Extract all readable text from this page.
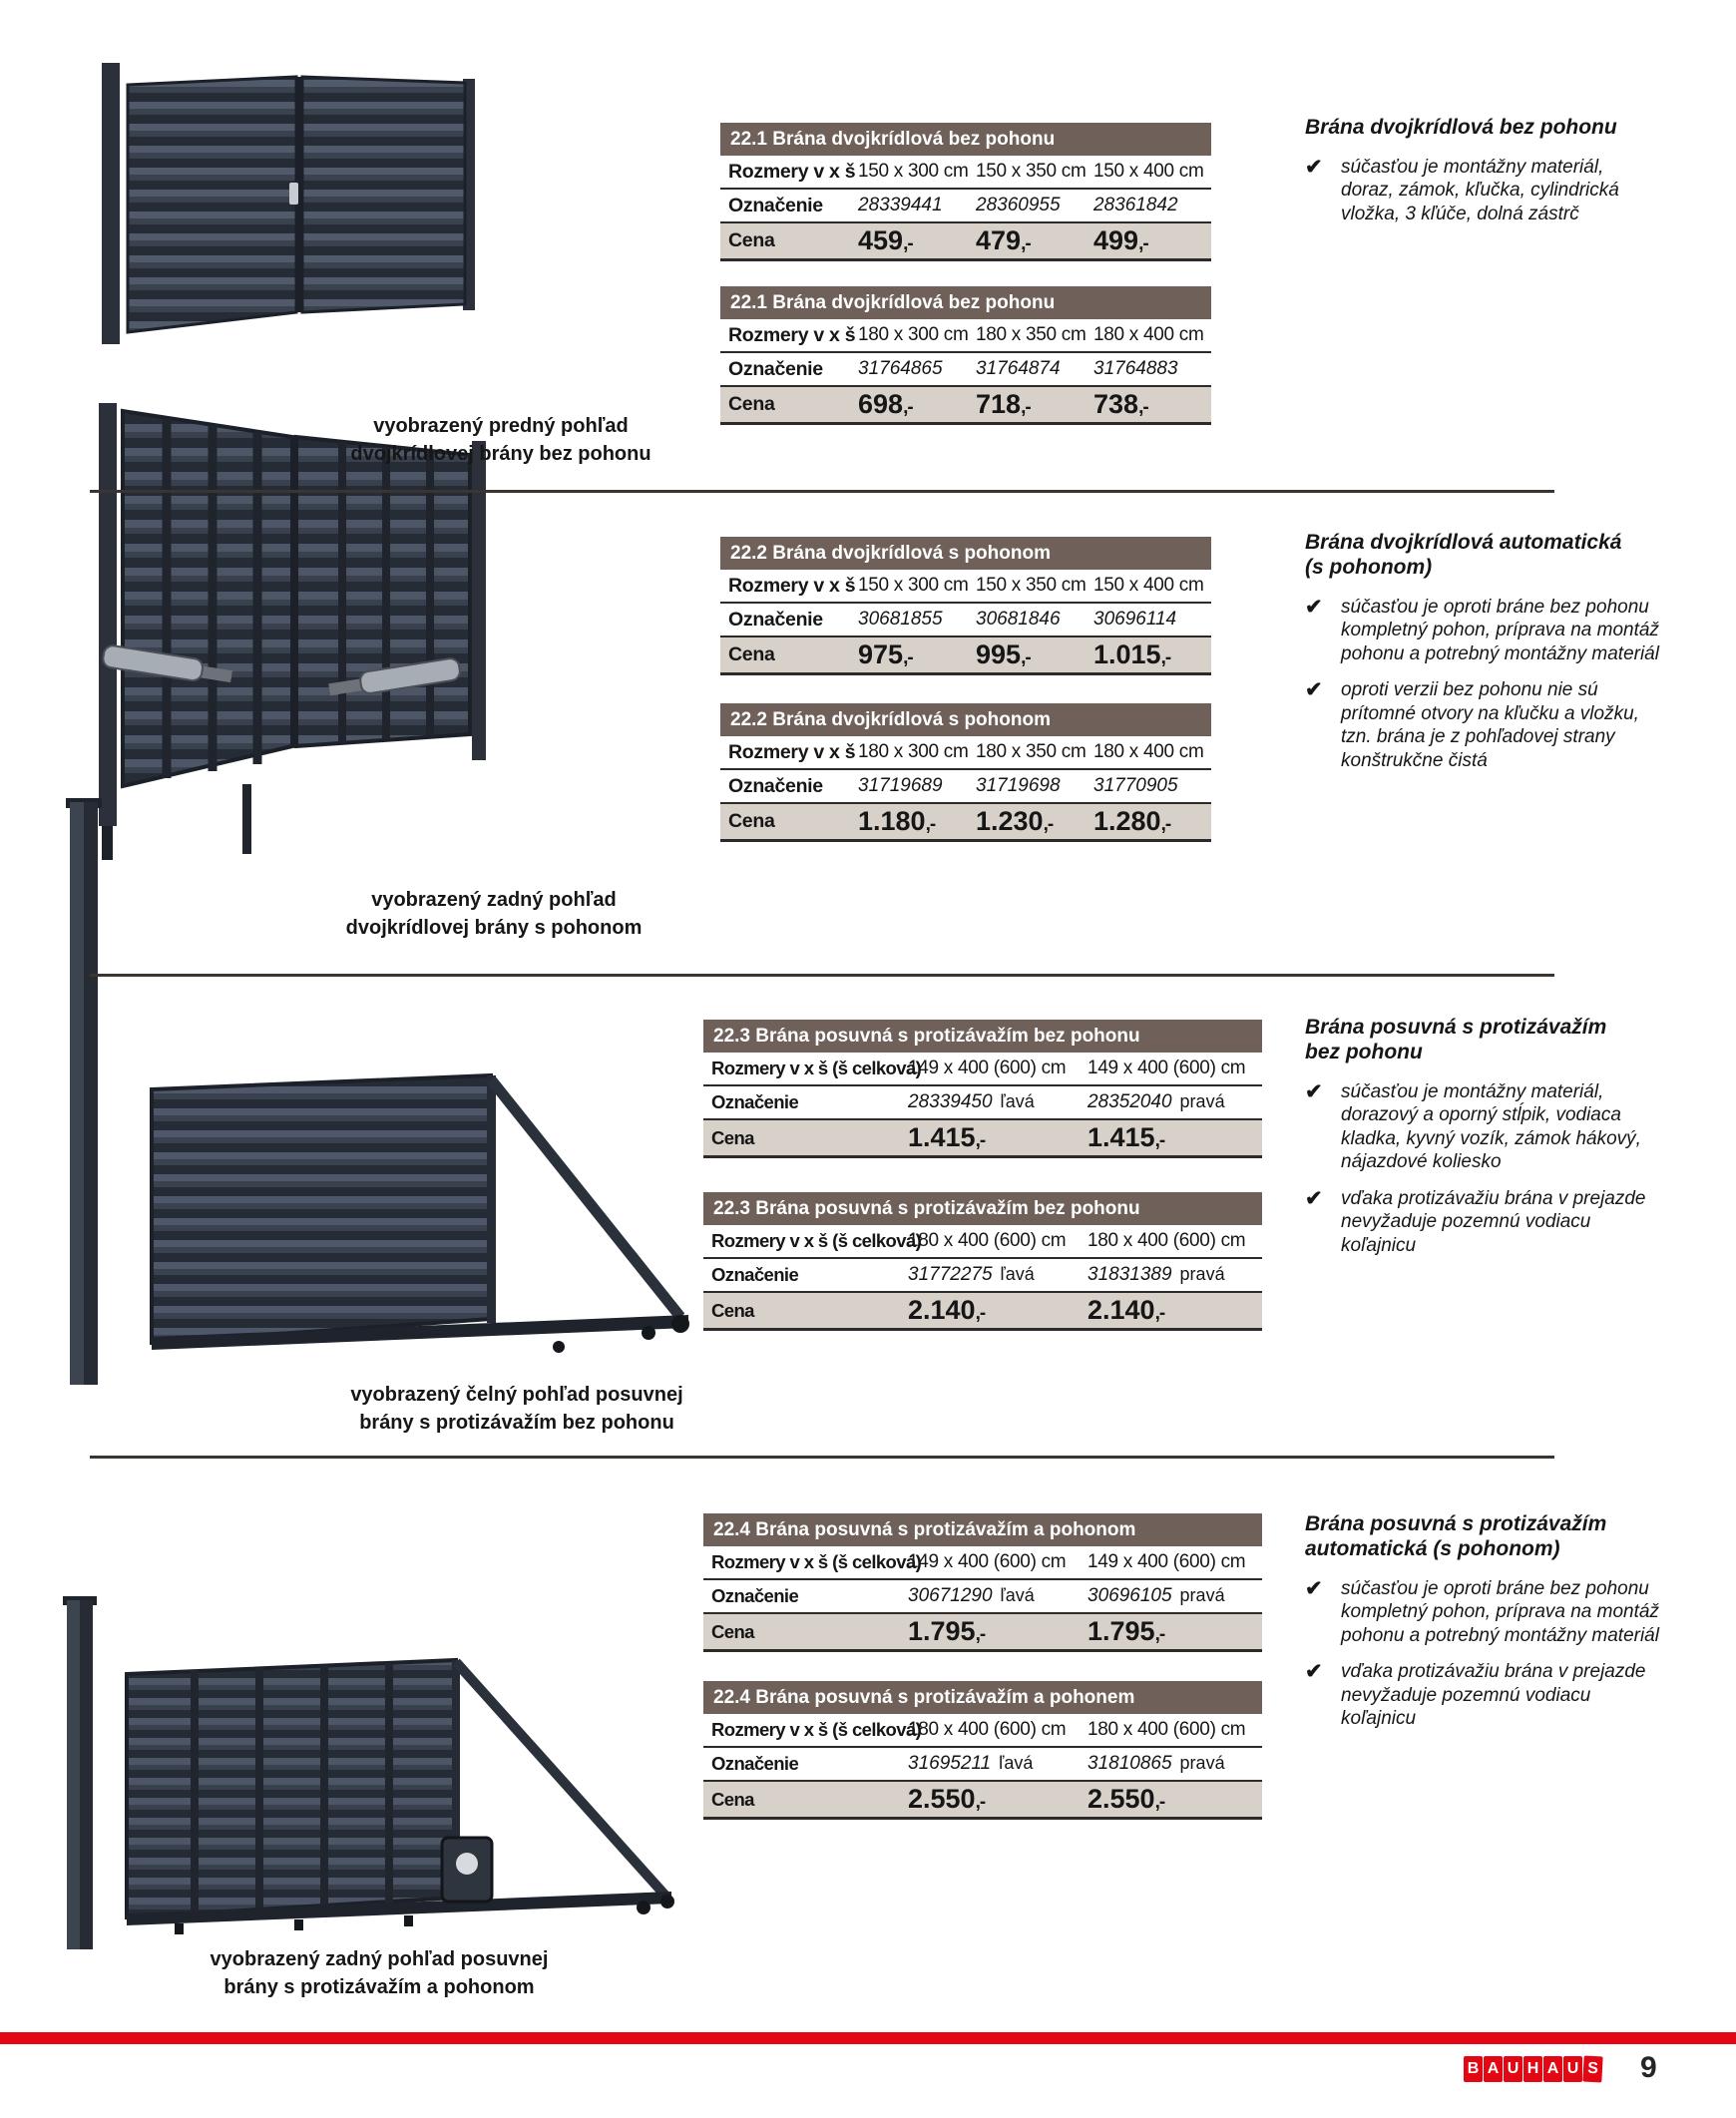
vyobrazený predný pohľad
dvojkrídlovej brány bez pohonu
vyobrazený zadný pohľad
dvojkrídlovej brány s pohonom
vyobrazený čelný pohľad posuvnej
brány s protizávažím bez pohonu
vyobrazený zadný pohľad posuvnej
brány s protizávažím a pohonom
22.1 Brána dvojkrídlová bez pohonu
Rozmery v x š 150 x 300 cm 150 x 350 cm 150 x 400 cm
Označenie	28339441	28360955	28361842
Cena	459,-	479,-	499,-
22.1 Brána dvojkrídlová bez pohonu
Rozmery v x š 180 x 300 cm 180 x 350 cm 180 x 400 cm
Označenie	31764865	31764874	31764883
Cena	698,-	718,-	738,-
22.2 Brána dvojkrídlová s pohonom
Rozmery v x š 150 x 300 cm 150 x 350 cm 150 x 400 cm
Označenie	30681855	30681846	30696114
Cena	975,-	995,-	1.015,-
22.2 Brána dvojkrídlová s pohonom
Rozmery v x š 180 x 300 cm 180 x 350 cm 180 x 400 cm
Označenie	31719689	31719698	31770905
Cena	1.180,-	1.230,-	1.280,-
22.3 Brána posuvná s protizávažím bez pohonu
Rozmery v x š (š celková)
149 x 400 (600) cm	149 x 400 (600) cm
Označenie	28339450 ľavá	28352040 pravá
Cena	1.415,-	1.415,-
22.3 Brána posuvná s protizávažím bez pohonu
Rozmery v x š (š celková)
180 x 400 (600) cm	180 x 400 (600) cm
Označenie	31772275 ľavá	31831389 pravá
Cena	2.140,-	2.140,-
22.4 Brána posuvná s protizávažím a pohonom
Rozmery v x š (š celková)
149 x 400 (600) cm	149 x 400 (600) cm
Označenie	30671290 ľavá	30696105 pravá
Cena	1.795,-	1.795,-
22.4 Brána posuvná s protizávažím a pohonem
Rozmery v x š (š celková)
180 x 400 (600) cm	180 x 400 (600) cm
Označenie	31695211 ľavá	31810865 pravá
Cena	2.550,-	2.550,-
Brána dvojkrídlová bez pohonu
✔ súčasťou je montážny materiál, doraz, zámok, kľučka, cylindrická vložka, 3 kľúče, dolná zástrč
Brána dvojkrídlová automatická
(s pohonom)
✔ súčasťou je oproti bráne bez pohonu kompletný pohon, príprava na montáž pohonu a potrebný montážny materiál
✔ oproti verzii bez pohonu nie sú prítomné otvory na kľučku a vložku, tzn. brána je z pohľadovej strany konštrukčne čistá
Brána posuvná s protizávažím
bez pohonu
✔ súčasťou je montážny materiál, dorazový a oporný stĺpik, vodiaca kladka, kyvný vozík, zámok hákový, nájazdové koliesko
✔ vďaka protizávažiu brána v prejazde nevyžaduje pozemnú vodiacu koľajnicu
Brána posuvná s protizávažím
automatická (s pohonom)
✔ súčasťou je oproti bráne bez pohonu kompletný pohon, príprava na montáž pohonu a potrebný montážny materiál
✔ vďaka protizávažiu brána v prejazde nevyžaduje pozemnú vodiacu koľajnicu
B A U H A U S 9
